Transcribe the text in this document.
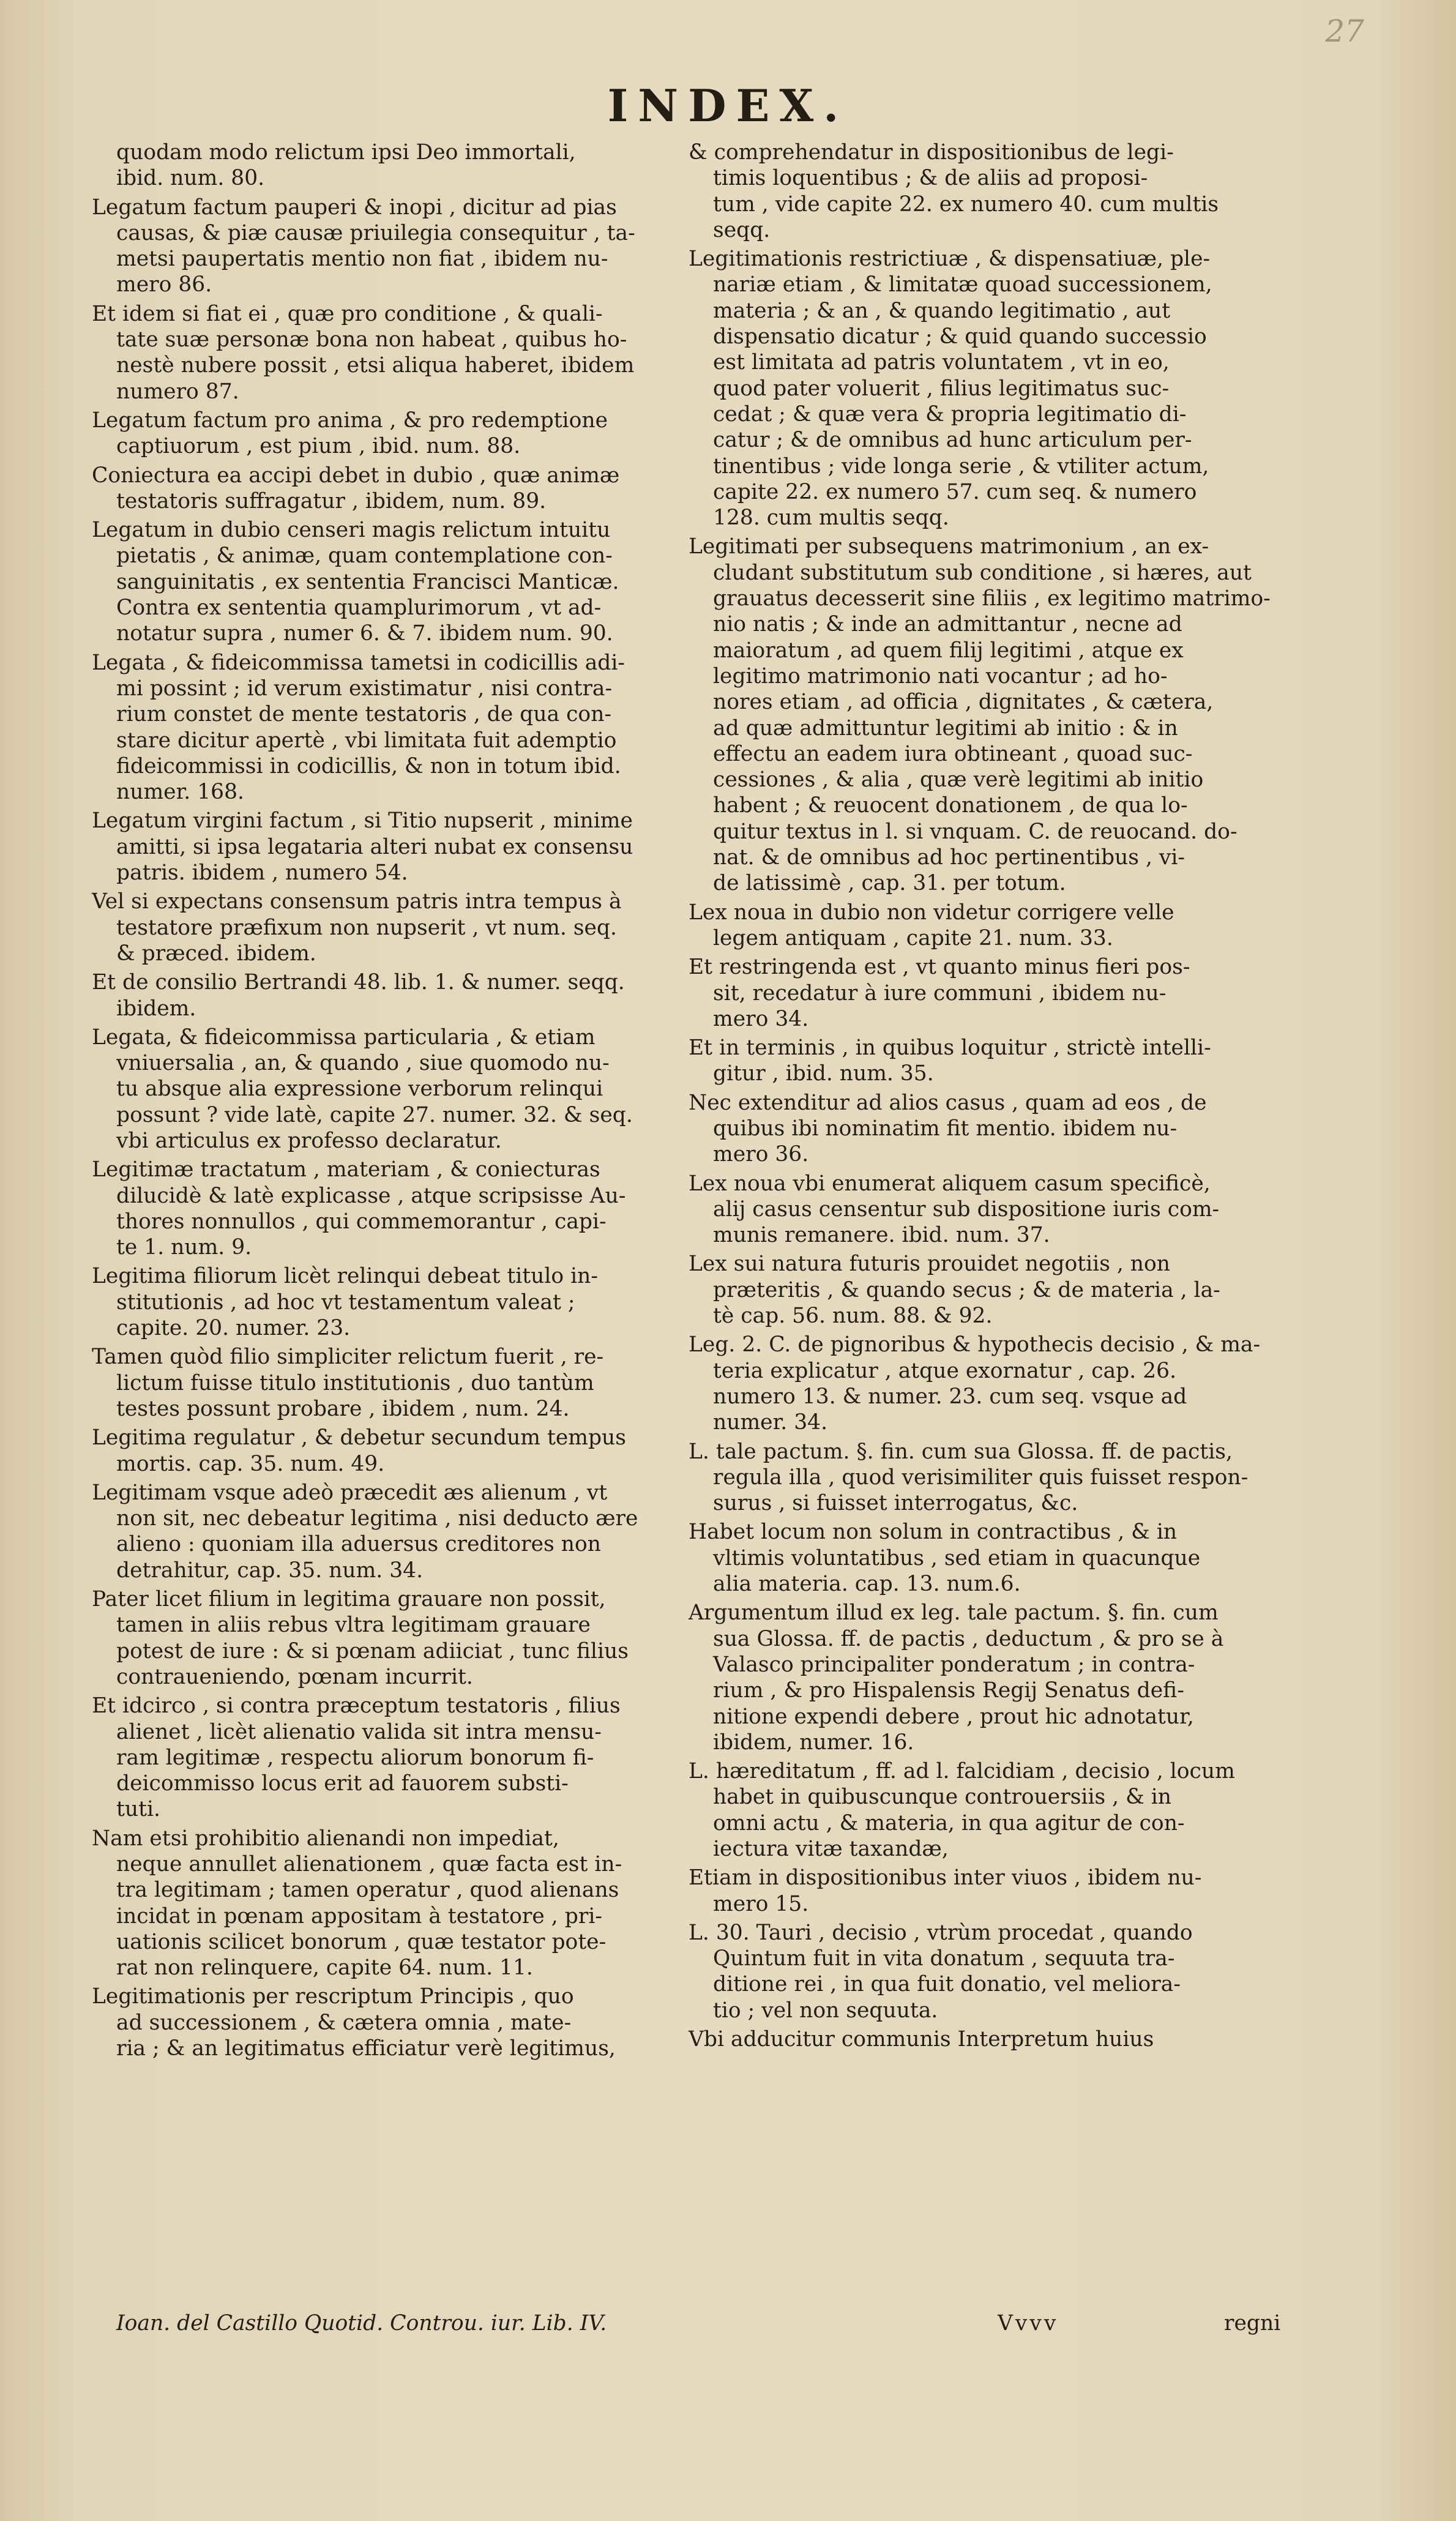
27
INDEX.

quodam modo relictum ipsi Deo immortali,
ibid. num. 80.

Legatum factum pauperi & inopi , dicitur ad pias
causas, & piæ causæ priuilegia consequitur , ta-
metsi paupertatis mentio non fiat , ibidem nu-
mero 86.

Et idem si fiat ei , quæ pro conditione , & quali-
tate suæ personæ bona non habeat , quibus ho-
nestè nubere possit , etsi aliqua haberet, ibidem
numero 87.

Legatum factum pro anima , & pro redemptione
captiuorum , est pium , ibid. num. 88.

Coniectura ea accipi debet in dubio , quæ animæ
testatoris suffragatur , ibidem, num. 89.

Legatum in dubio censeri magis relictum intuitu
pietatis , & animæ, quam contemplatione con-
sanguinitatis , ex sententia Francisci Manticæ.
Contra ex sententia quamplurimorum , vt ad-
notatur supra , numer 6. & 7. ibidem num. 90.

Legata , & fideicommissa tametsi in codicillis adi-
mi possint ; id verum existimatur , nisi contra-
rium constet de mente testatoris , de qua con-
stare dicitur apertè , vbi limitata fuit ademptio
fideicommissi in codicillis, & non in totum ibid.
numer. 168.

Legatum virgini factum , si Titio nupserit , minime
amitti, si ipsa legataria alteri nubat ex consensu
patris. ibidem , numero 54.

Vel si expectans consensum patris intra tempus à
testatore præfixum non nupserit , vt num. seq.
& præced. ibidem.

Et de consilio Bertrandi 48. lib. 1. & numer. seqq.
ibidem.

Legata, & fideicommissa particularia , & etiam
vniuersalia , an, & quando , siue quomodo nu-
tu absque alia expressione verborum relinqui
possunt ? vide latè, capite 27. numer. 32. & seq.
vbi articulus ex professo declaratur.

Legitimæ tractatum , materiam , & coniecturas
dilucidè & latè explicasse , atque scripsisse Au-
thores nonnullos , qui commemorantur , capi-
te 1. num. 9.

Legitima filiorum licèt relinqui debeat titulo in-
stitutionis , ad hoc vt testamentum valeat ;
capite. 20. numer. 23.

Tamen quòd filio simpliciter relictum fuerit , re-
lictum fuisse titulo institutionis , duo tantùm
testes possunt probare , ibidem , num. 24.

Legitima regulatur , & debetur secundum tempus
mortis. cap. 35. num. 49.

Legitimam vsque adeò præcedit æs alienum , vt
non sit, nec debeatur legitima , nisi deducto ære
alieno : quoniam illa aduersus creditores non
detrahitur, cap. 35. num. 34.

Pater licet filium in legitima grauare non possit,
tamen in aliis rebus vltra legitimam grauare
potest de iure : & si pœnam adiiciat , tunc filius
contraueniendo, pœnam incurrit.

Et idcirco , si contra præceptum testatoris , filius
alienet , licèt alienatio valida sit intra mensu-
ram legitimæ , respectu aliorum bonorum fi-
deicommisso locus erit ad fauorem substi-
tuti.

Nam etsi prohibitio alienandi non impediat,
neque annullet alienationem , quæ facta est in-
tra legitimam ; tamen operatur , quod alienans
incidat in pœnam appositam à testatore , pri-
uationis scilicet bonorum , quæ testator pote-
rat non relinquere, capite 64. num. 11.

Legitimationis per rescriptum Principis , quo
ad successionem , & cætera omnia , mate-
ria ; & an legitimatus efficiatur verè legitimus,

& comprehendatur in dispositionibus de legi-
timis loquentibus ; & de aliis ad proposi-
tum , vide capite 22. ex numero 40. cum multis
seqq.

Legitimationis restrictiuæ , & dispensatiuæ, ple-
nariæ etiam , & limitatæ quoad successionem,
materia ; & an , & quando legitimatio , aut
dispensatio dicatur ; & quid quando successio
est limitata ad patris voluntatem , vt in eo,
quod pater voluerit , filius legitimatus suc-
cedat ; & quæ vera & propria legitimatio di-
catur ; & de omnibus ad hunc articulum per-
tinentibus ; vide longa serie , & vtiliter actum,
capite 22. ex numero 57. cum seq. & numero
128. cum multis seqq.

Legitimati per subsequens matrimonium , an ex-
cludant substitutum sub conditione , si hæres, aut
grauatus decesserit sine filiis , ex legitimo matrimo-
nio natis ; & inde an admittantur , necne ad
maioratum , ad quem filij legitimi , atque ex
legitimo matrimonio nati vocantur ; ad ho-
nores etiam , ad officia , dignitates , & cætera,
ad quæ admittuntur legitimi ab initio : & in
effectu an eadem iura obtineant , quoad suc-
cessiones , & alia , quæ verè legitimi ab initio
habent ; & reuocent donationem , de qua lo-
quitur textus in l. si vnquam. C. de reuocand. do-
nat. & de omnibus ad hoc pertinentibus , vi-
de latissimè , cap. 31. per totum.

Lex noua in dubio non videtur corrigere velle
legem antiquam , capite 21. num. 33.

Et restringenda est , vt quanto minus fieri pos-
sit, recedatur à iure communi , ibidem nu-
mero 34.

Et in terminis , in quibus loquitur , strictè intelli-
gitur , ibid. num. 35.

Nec extenditur ad alios casus , quam ad eos , de
quibus ibi nominatim fit mentio. ibidem nu-
mero 36.

Lex noua vbi enumerat aliquem casum specificè,
alij casus censentur sub dispositione iuris com-
munis remanere. ibid. num. 37.

Lex sui natura futuris prouidet negotiis , non
præteritis , & quando secus ; & de materia , la-
tè cap. 56. num. 88. & 92.

Leg. 2. C. de pignoribus & hypothecis decisio , & ma-
teria explicatur , atque exornatur , cap. 26.
numero 13. & numer. 23. cum seq. vsque ad
numer. 34.

L. tale pactum. §. fin. cum sua Glossa. ff. de pactis,
regula illa , quod verisimiliter quis fuisset respon-
surus , si fuisset interrogatus, &c.

Habet locum non solum in contractibus , & in
vltimis voluntatibus , sed etiam in quacunque
alia materia. cap. 13. num.6.

Argumentum illud ex leg. tale pactum. §. fin. cum
sua Glossa. ff. de pactis , deductum , & pro se à
Valasco principaliter ponderatum ; in contra-
rium , & pro Hispalensis Regij Senatus defi-
nitione expendi debere , prout hic adnotatur,
ibidem, numer. 16.

L. hæreditatum , ff. ad l. falcidiam , decisio , locum
habet in quibuscunque controuersiis , & in
omni actu , & materia, in qua agitur de con-
iectura vitæ taxandæ,

Etiam in dispositionibus inter viuos , ibidem nu-
mero 15.

L. 30. Tauri , decisio , vtrùm procedat , quando
Quintum fuit in vita donatum , sequuta tra-
ditione rei , in qua fuit donatio, vel meliora-
tio ; vel non sequuta.

Vbi adducitur communis Interpretum huius

Ioan. del Castillo Quotid. Controu. iur. Lib. IV.	Vvvv	regni
